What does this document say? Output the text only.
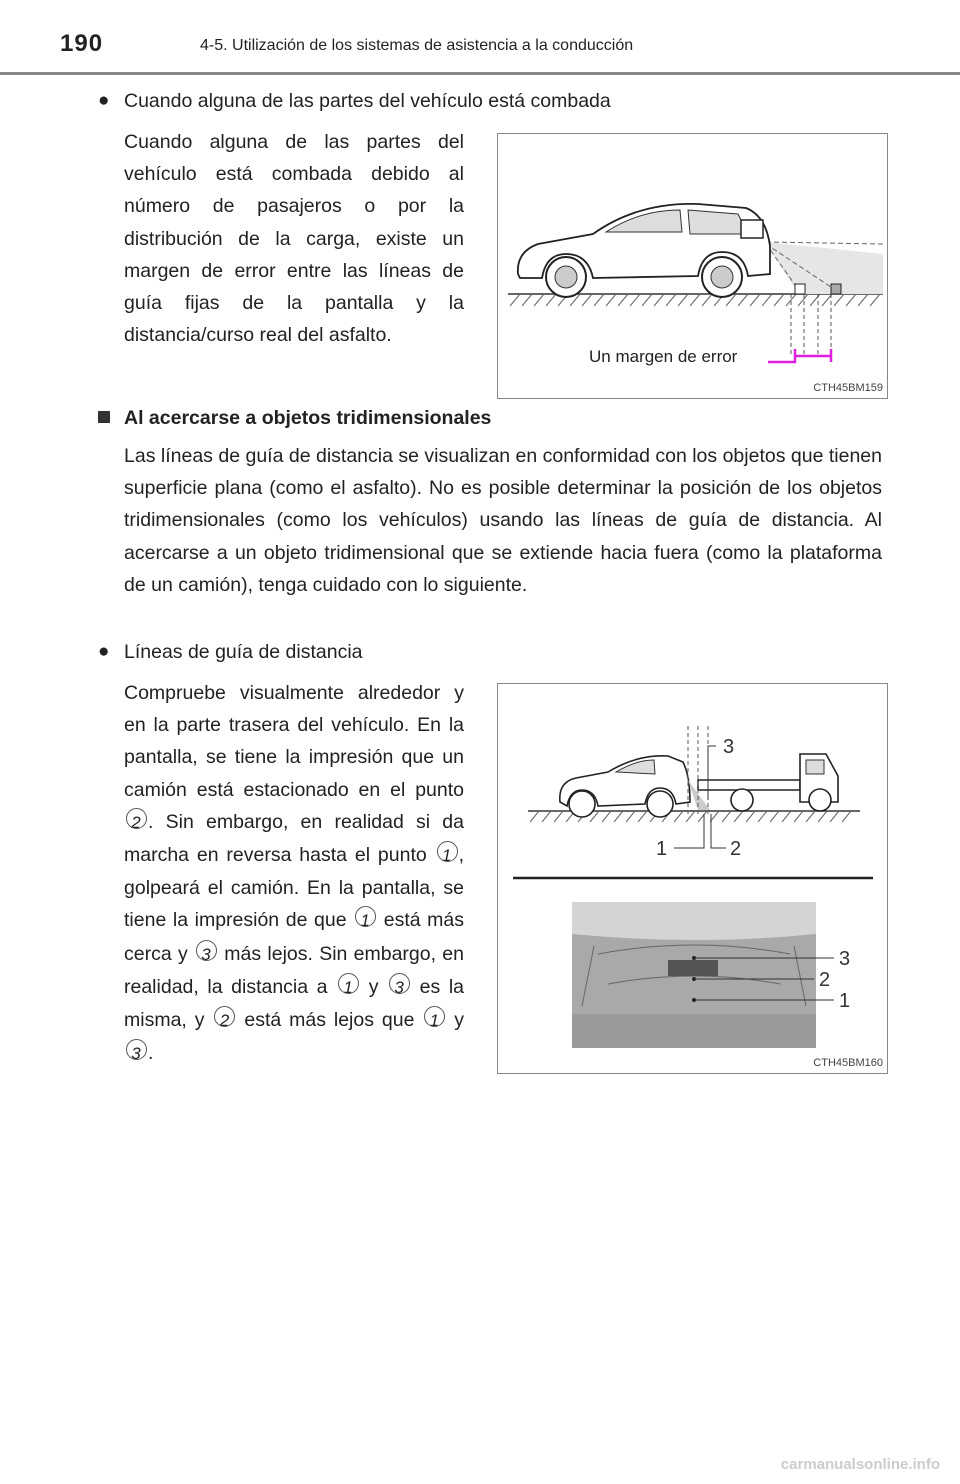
190	4-5. Utilización de los sistemas de asistencia a la conducción
● Cuando alguna de las partes del vehículo está combada

Cuando alguna de las partes del vehículo está combada debido al número de pasajeros o por la distribución de la carga, existe un margen de error entre las líneas de guía fijas de la pantalla y la distancia/curso real del asfalto.

Un margen de error
CTH45BM159
Al acercarse a objetos tridimensionales

Las líneas de guía de distancia se visualizan en conformidad con los objetos que tienen superficie plana (como el asfalto). No es posible determinar la posición de los objetos tridimensionales (como los vehículos) usando las líneas de guía de distancia. Al acercarse a un objeto tridimensional que se extiende hacia fuera (como la plataforma de un camión), tenga cuidado con lo siguiente.

● Líneas de guía de distancia

Compruebe visualmente alrededor y en la parte trasera del vehículo. En la pantalla, se tiene la impresión que un camión está estacionado en el punto 2 . Sin embargo, en realidad si da marcha en reversa hasta el punto 1 , golpeará el camión. En la pantalla, se tiene la impresión de que 1 está más cerca y 3 más lejos. Sin embargo, en realidad, la distancia a 1 y 3 es la misma, y 2 está más lejos que 1 y 3 .

3
1	2
3
2
1
CTH45BM160
carmanualsonline.info
